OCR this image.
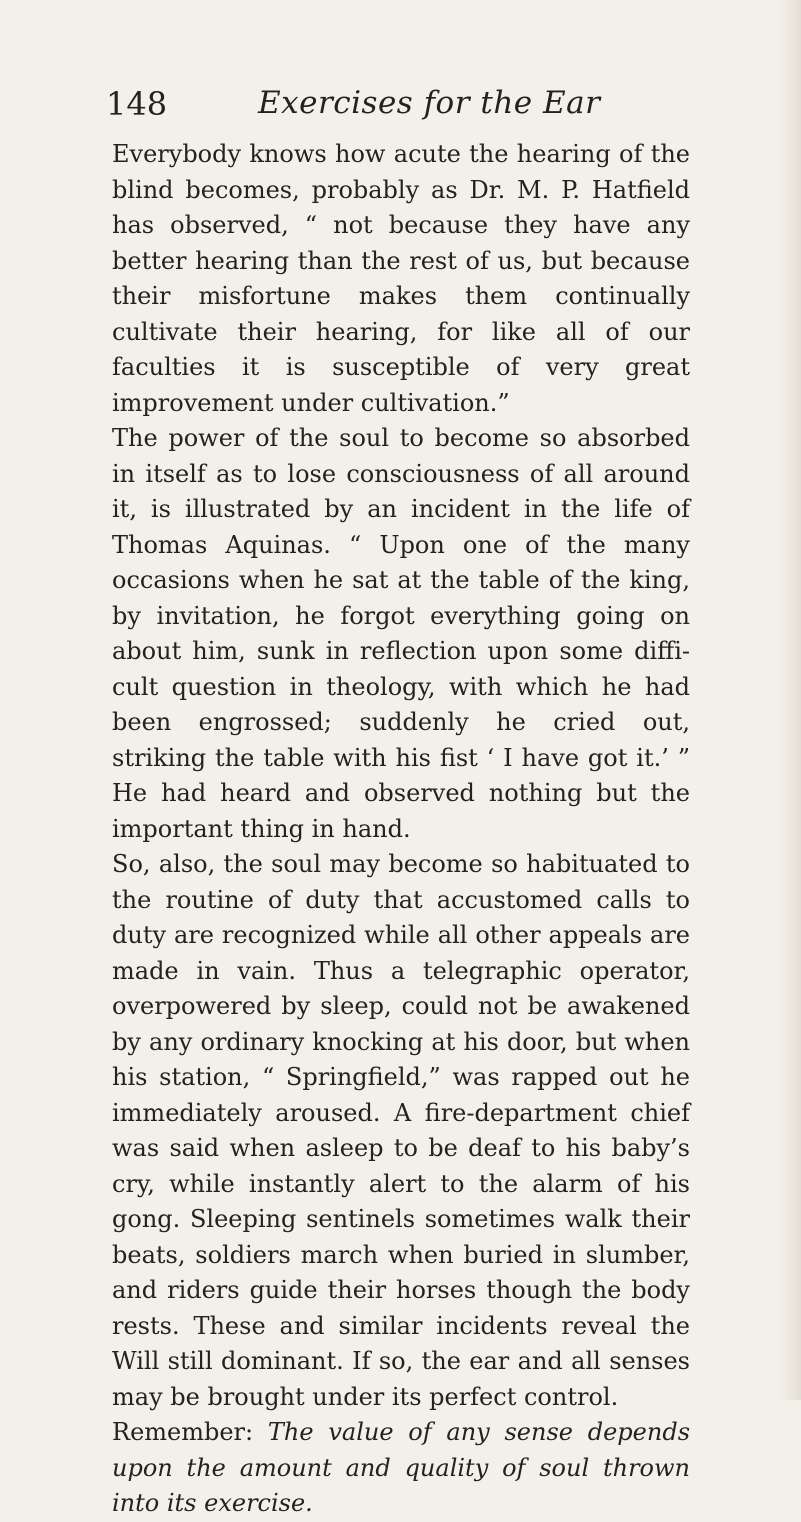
148	Exercises for the Ear

Everybody knows how acute the hearing of the blind becomes, probably as Dr. M. P. Hatfield has observed, “ not because they have any better hearing than the rest of us, but because their misfortune makes them continually cultivate their hearing, for like all of our faculties it is susceptible of very great improvement under cultivation.”

The power of the soul to become so absorbed in itself as to lose consciousness of all around it, is illustrated by an incident in the life of Thomas Aquinas. “ Upon one of the many occasions when he sat at the table of the king, by invitation, he forgot everything going on about him, sunk in reflection upon some difficult question in theology, with which he had been engrossed; suddenly he cried out, striking the table with his fist ‘ I have got it.’ ” He had heard and observed nothing but the important thing in hand.

So, also, the soul may become so habituated to the routine of duty that accustomed calls to duty are recognized while all other appeals are made in vain. Thus a telegraphic operator, overpowered by sleep, could not be awakened by any ordinary knocking at his door, but when his station, “ Springfield,” was rapped out he immediately aroused. A fire-department chief was said when asleep to be deaf to his baby’s cry, while instantly alert to the alarm of his gong. Sleeping sentinels sometimes walk their beats, soldiers march when buried in slumber, and riders guide their horses though the body rests. These and similar incidents reveal the Will still dominant. If so, the ear and all senses may be brought under its perfect control.

Remember: The value of any sense depends upon the amount and quality of soul thrown into its exercise.
